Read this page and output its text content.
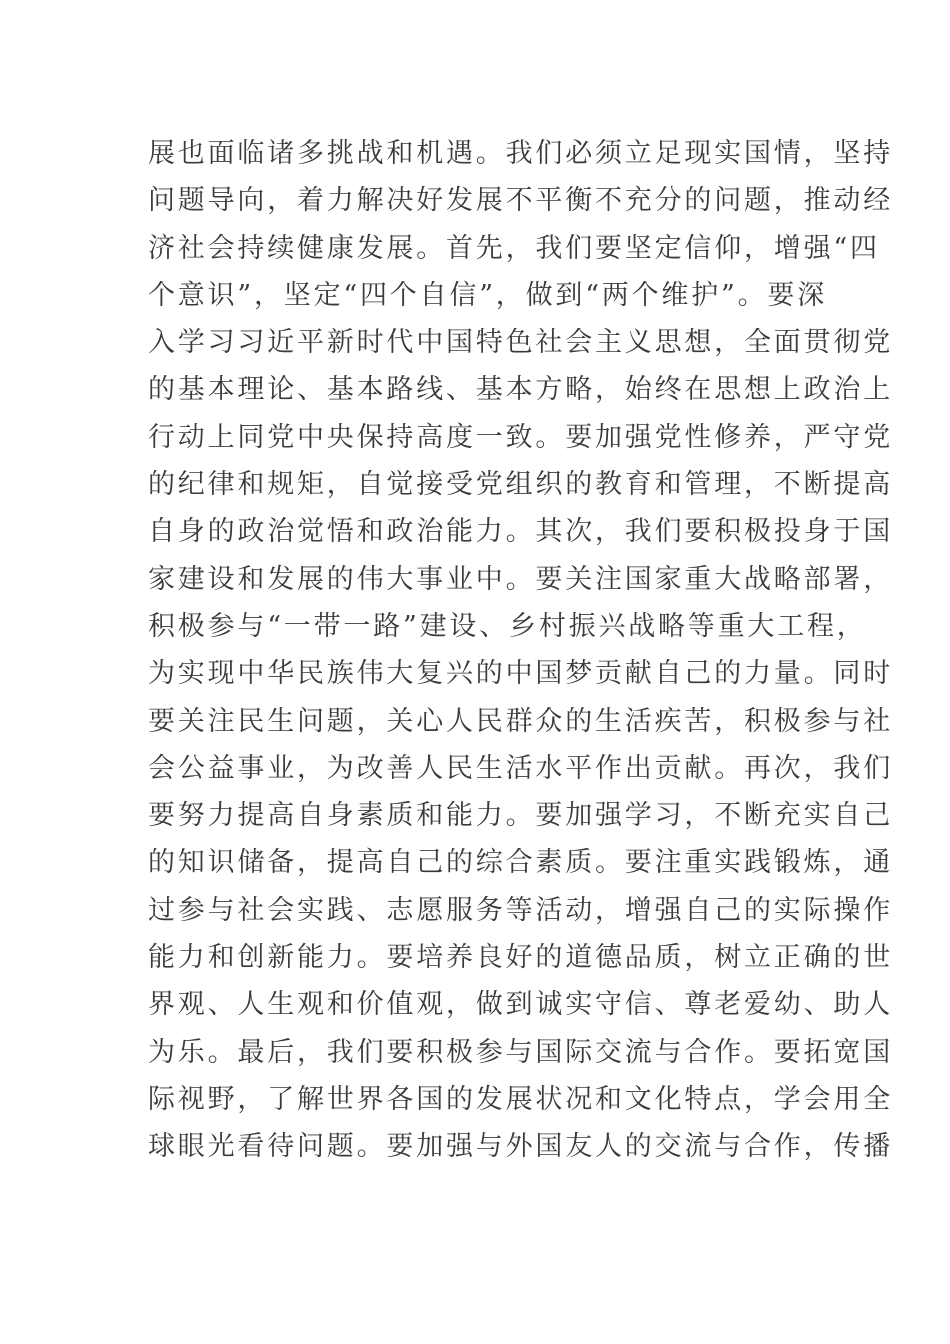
展也面临诸多挑战和机遇。我们必须立足现实国情，坚持
问题导向，着力解决好发展不平衡不充分的问题，推动经
济社会持续健康发展。首先，我们要坚定信仰，增强“四
个意识”，坚定“四个自信”，做到“两个维护”。要深
入学习习近平新时代中国特色社会主义思想，全面贯彻党
的基本理论、基本路线、基本方略，始终在思想上政治上
行动上同党中央保持高度一致。要加强党性修养，严守党
的纪律和规矩，自觉接受党组织的教育和管理，不断提高
自身的政治觉悟和政治能力。其次，我们要积极投身于国
家建设和发展的伟大事业中。要关注国家重大战略部署，
积极参与“一带一路”建设、乡村振兴战略等重大工程，
为实现中华民族伟大复兴的中国梦贡献自己的力量。同时
要关注民生问题，关心人民群众的生活疾苦，积极参与社
会公益事业，为改善人民生活水平作出贡献。再次，我们
要努力提高自身素质和能力。要加强学习，不断充实自己
的知识储备，提高自己的综合素质。要注重实践锻炼，通
过参与社会实践、志愿服务等活动，增强自己的实际操作
能力和创新能力。要培养良好的道德品质，树立正确的世
界观、人生观和价值观，做到诚实守信、尊老爱幼、助人
为乐。最后，我们要积极参与国际交流与合作。要拓宽国
际视野，了解世界各国的发展状况和文化特点，学会用全
球眼光看待问题。要加强与外国友人的交流与合作，传播
